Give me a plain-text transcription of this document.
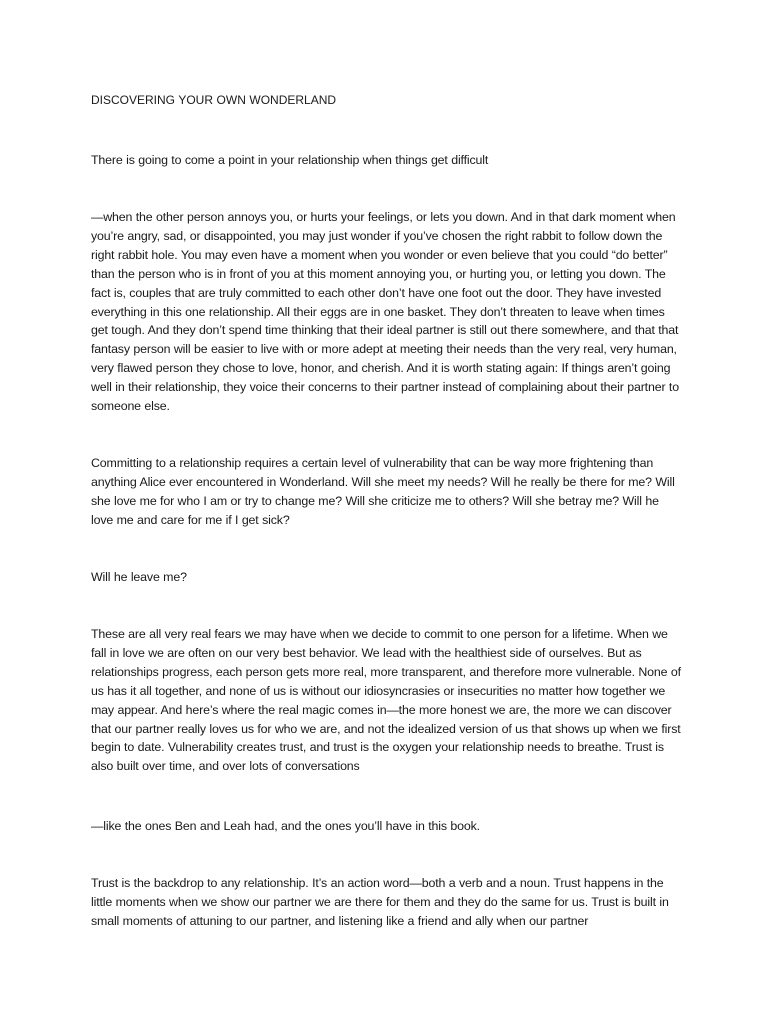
DISCOVERING YOUR OWN WONDERLAND

There is going to come a point in your relationship when things get difficult

—when the other person annoys you, or hurts your feelings, or lets you down. And in that dark moment when you’re angry, sad, or disappointed, you may just wonder if you’ve chosen the right rabbit to follow down the right rabbit hole. You may even have a moment when you wonder or even believe that you could “do better” than the person who is in front of you at this moment annoying you, or hurting you, or letting you down. The fact is, couples that are truly committed to each other don’t have one foot out the door. They have invested everything in this one relationship. All their eggs are in one basket. They don’t threaten to leave when times get tough. And they don’t spend time thinking that their ideal partner is still out there somewhere, and that that fantasy person will be easier to live with or more adept at meeting their needs than the very real, very human, very flawed person they chose to love, honor, and cherish. And it is worth stating again: If things aren’t going well in their relationship, they voice their concerns to their partner instead of complaining about their partner to someone else.

Committing to a relationship requires a certain level of vulnerability that can be way more frightening than anything Alice ever encountered in Wonderland. Will she meet my needs? Will he really be there for me? Will she love me for who I am or try to change me? Will she criticize me to others? Will she betray me? Will he love me and care for me if I get sick?

Will he leave me?

These are all very real fears we may have when we decide to commit to one person for a lifetime. When we fall in love we are often on our very best behavior. We lead with the healthiest side of ourselves. But as relationships progress, each person gets more real, more transparent, and therefore more vulnerable. None of us has it all together, and none of us is without our idiosyncrasies or insecurities no matter how together we may appear. And here’s where the real magic comes in—the more honest we are, the more we can discover that our partner really loves us for who we are, and not the idealized version of us that shows up when we first begin to date. Vulnerability creates trust, and trust is the oxygen your relationship needs to breathe. Trust is also built over time, and over lots of conversations

—like the ones Ben and Leah had, and the ones you’ll have in this book.

Trust is the backdrop to any relationship. It’s an action word—both a verb and a noun. Trust happens in the little moments when we show our partner we are there for them and they do the same for us. Trust is built in small moments of attuning to our partner, and listening like a friend and ally when our partner
